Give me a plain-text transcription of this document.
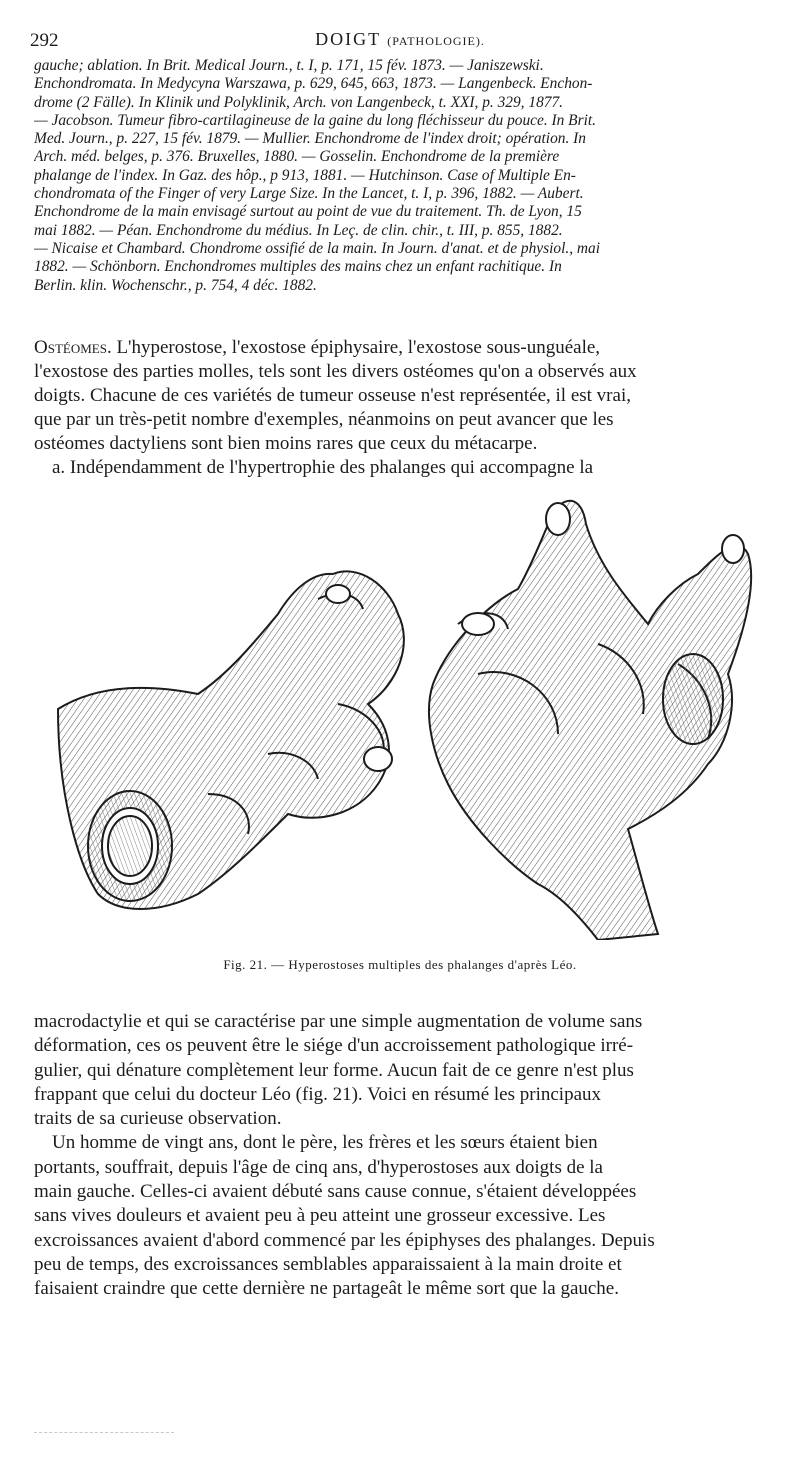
292	DOIGT (PATHOLOGIE).
gauche; ablation. In Brit. Medical Journ., t. I, p. 171, 15 fév. 1873. — Janiszewski.
Enchondromata. In Medycyna Warszawa, p. 629, 645, 663, 1873. — Langenbeck. Enchon-
drome (2 Fälle). In Klinik und Polyklinik, Arch. von Langenbeck, t. XXI, p. 329, 1877.
— Jacobson. Tumeur fibro-cartilagineuse de la gaine du long fléchisseur du pouce. In Brit.
Med. Journ., p. 227, 15 fév. 1879. — Mullier. Enchondrome de l'index droit; opération. In
Arch. méd. belges, p. 376. Bruxelles, 1880. — Gosselin. Enchondrome de la première
phalange de l'index. In Gaz. des hôp., p 913, 1881. — Hutchinson. Case of Multiple En-
chondromata of the Finger of very Large Size. In the Lancet, t. I, p. 396, 1882. — Aubert.
Enchondrome de la main envisagé surtout au point de vue du traitement. Th. de Lyon, 15
mai 1882. — Péan. Enchondrome du médius. In Leç. de clin. chir., t. III, p. 855, 1882.
— Nicaise et Chambard. Chondrome ossifié de la main. In Journ. d'anat. et de physiol., mai
1882. — Schönborn. Enchondromes multiples des mains chez un enfant rachitique. In
Berlin. klin. Wochenschr., p. 754, 4 déc. 1882.
Ostéomes. L'hyperostose, l'exostose épiphysaire, l'exostose sous-unguéale,
l'exostose des parties molles, tels sont les divers ostéomes qu'on a observés aux
doigts. Chacune de ces variétés de tumeur osseuse n'est représentée, il est vrai,
que par un très-petit nombre d'exemples, néanmoins on peut avancer que les
ostéomes dactyliens sont bien moins rares que ceux du métacarpe.
a. Indépendamment de l'hypertrophie des phalanges qui accompagne la
Fig. 21. — Hyperostoses multiples des phalanges d'après Léo.
macrodactylie et qui se caractérise par une simple augmentation de volume sans
déformation, ces os peuvent être le siége d'un accroissement pathologique irré-
gulier, qui dénature complètement leur forme. Aucun fait de ce genre n'est plus
frappant que celui du docteur Léo (fig. 21). Voici en résumé les principaux
traits de sa curieuse observation.
Un homme de vingt ans, dont le père, les frères et les sœurs étaient bien
portants, souffrait, depuis l'âge de cinq ans, d'hyperostoses aux doigts de la
main gauche. Celles-ci avaient débuté sans cause connue, s'étaient développées
sans vives douleurs et avaient peu à peu atteint une grosseur excessive. Les
excroissances avaient d'abord commencé par les épiphyses des phalanges. Depuis
peu de temps, des excroissances semblables apparaissaient à la main droite et
faisaient craindre que cette dernière ne partageât le même sort que la gauche.
